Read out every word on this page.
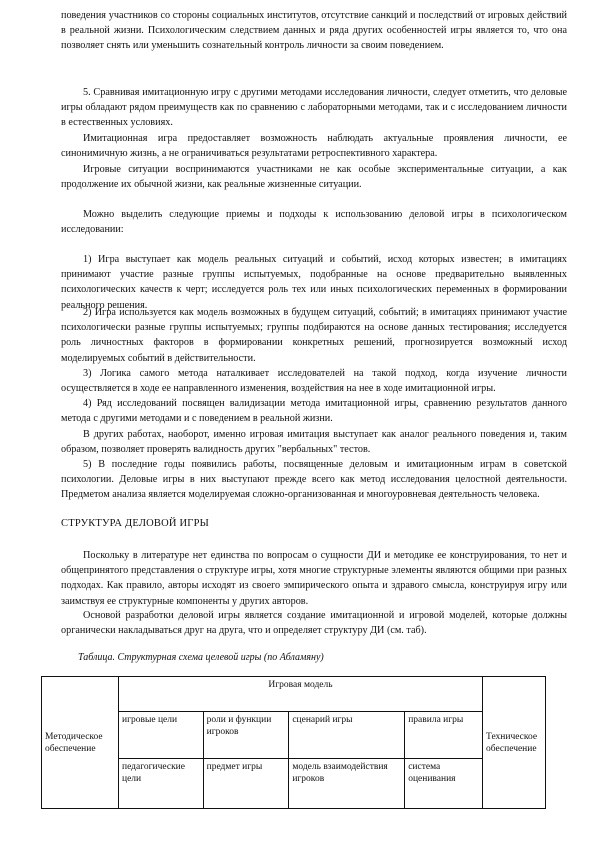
поведения участников со стороны социальных институтов, отсутствие санкций и последствий от игровых действий в реальной жизни. Психологическим следствием данных и ряда других особенностей игры является то, что она позволяет снять или уменьшить сознательный контроль личности за своим поведением.

5. Сравнивая имитационную игру с другими методами исследования личности, следует отметить, что деловые игры обладают рядом преимуществ как по сравнению с лабораторными методами, так и с исследованием личности в естественных условиях.

Имитационная игра предоставляет возможность наблюдать актуальные проявления личности, ее синонимичную жизнь, а не ограничиваться результатами ретроспективного характера.

Игровые ситуации воспринимаются участниками не как особые экспериментальные ситуации, а как продолжение их обычной жизни, как реальные жизненные ситуации.

Можно выделить следующие приемы и подходы к использованию деловой игры в психологическом исследовании:

1) Игра выступает как модель реальных ситуаций и событий, исход которых известен; в имитациях принимают участие разные группы испытуемых, подобранные на основе предварительно выявленных психологических качеств к черт; исследуется роль тех или иных психологических переменных в формировании реального решения.

2) Игра используется как модель возможных в будущем ситуаций, событий; в имитациях принимают участие психологически разные группы испытуемых; группы подбираются на основе данных тестирования; исследуется роль личностных факторов в формировании конкретных решений, прогнозируется возможный исход моделируемых событий в действительности.

3) Логика самого метода наталкивает исследователей на такой подход, когда изучение личности осуществляется в ходе ее направленного изменения, воздействия на нее в ходе имитационной игры.

4) Ряд исследований посвящен валидизации метода имитационной игры, сравнению результатов данного метода с другими методами и с поведением в реальной жизни.

В других работах, наоборот, именно игровая имитация выступает как аналог реального поведения и, таким образом, позволяет проверять валидность других "вербальных" тестов.

5) В последние годы появились работы, посвященные деловым и имитационным играм в советской психологии. Деловые игры в них выступают прежде всего как метод исследования целостной деятельности. Предметом анализа является моделируемая сложно-организованная и многоуровневая деятельность человека.

СТРУКТУРА ДЕЛОВОЙ ИГРЫ

Поскольку в литературе нет единства по вопросам о сущности ДИ и методике ее конструирования, то нет и общепринятого представления о структуре игры, хотя многие структурные элементы являются общими при разных подходах. Как правило, авторы исходят из своего эмпирического опыта и здравого смысла, конструируя игру или заимствуя ее структурные компоненты у других авторов.

Основой разработки деловой игры является создание имитационной и игровой моделей, которые должны органически накладываться друг на друга, что и определяет структуру ДИ (см. таб).

Таблица. Структурная схема целевой игры (по Абламяну)

Методическое обеспечение	Игровая модель				Техническое обеспечение
	игровые цели	роли и функции игроков	сценарий игры	правила игры	
	педагогические цели	предмет игры	модель взаимодействия игроков	система оценивания	
